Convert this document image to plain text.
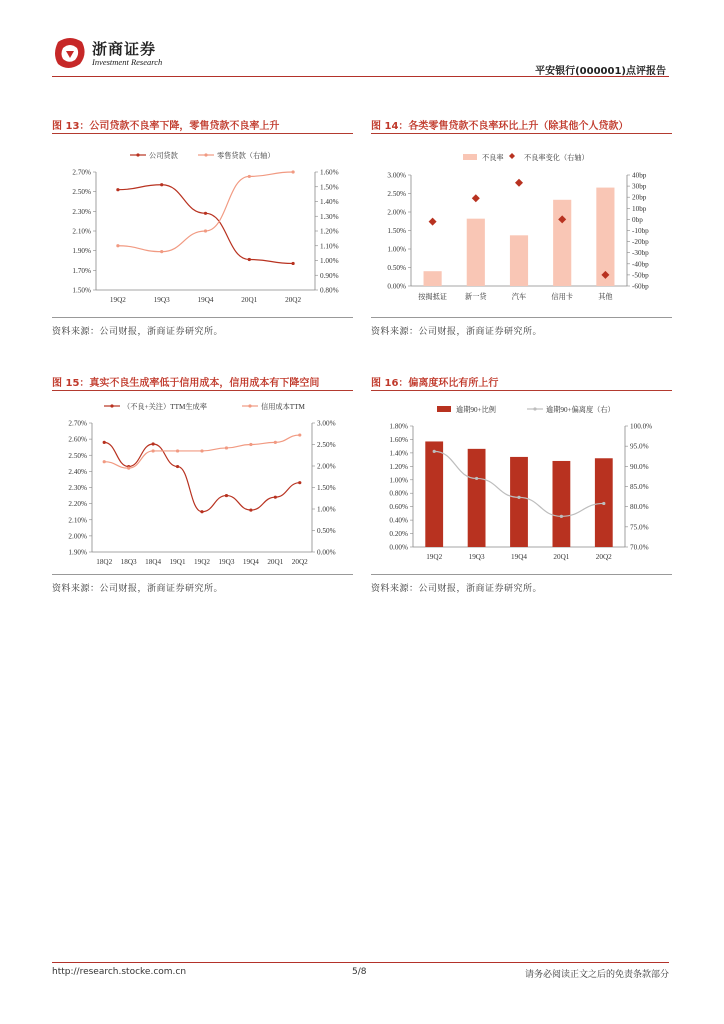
浙商证券
Investment Research
平安银行(000001)点评报告
图 13：公司贷款不良率下降，零售贷款不良率上升
1.50%
1.70%
1.90%
2.10%
2.30%
2.50%
2.70%
0.80%
0.90%
1.00%
1.10%
1.20%
1.30%
1.40%
1.50%
1.60%
19Q2	19Q3	19Q4	20Q1	20Q2
公司贷款	零售贷款（右轴）
资料来源：公司财报，浙商证券研究所。
图 14：各类零售贷款不良率环比上升（除其他个人贷款）
0.00%
0.50%
1.00%
1.50%
2.00%
2.50%
3.00%
-60bp
-50bp
-40bp
-30bp
-20bp
-10bp
0bp
10bp
20bp
30bp
40bp
按揭抵证	新一贷	汽车	信用卡	其他
不良率	不良率变化（右轴）
资料来源：公司财报，浙商证券研究所。
图 15：真实不良生成率低于信用成本，信用成本有下降空间
1.90%
2.00%
2.10%
2.20%
2.30%
2.40%
2.50%
2.60%
2.70%
0.00%
0.50%
1.00%
1.50%
2.00%
2.50%
3.00%
18Q2 18Q3 18Q4 19Q1 19Q2 19Q3 19Q4 20Q1 20Q2
（不良+关注）TTM生成率	信用成本TTM
资料来源：公司财报，浙商证券研究所。
图 16：偏离度环比有所上行
0.00%
0.20%
0.40%
0.60%
0.80%
1.00%
1.20%
1.40%
1.60%
1.80%
70.0%
75.0%
80.0%
85.0%
90.0%
95.0%
100.0%
19Q2	19Q3	19Q4	20Q1	20Q2
逾期90+比例	逾期90+偏离度（右）
资料来源：公司财报，浙商证券研究所。
http://research.stocke.com.cn	5/8	请务必阅读正文之后的免责条款部分
